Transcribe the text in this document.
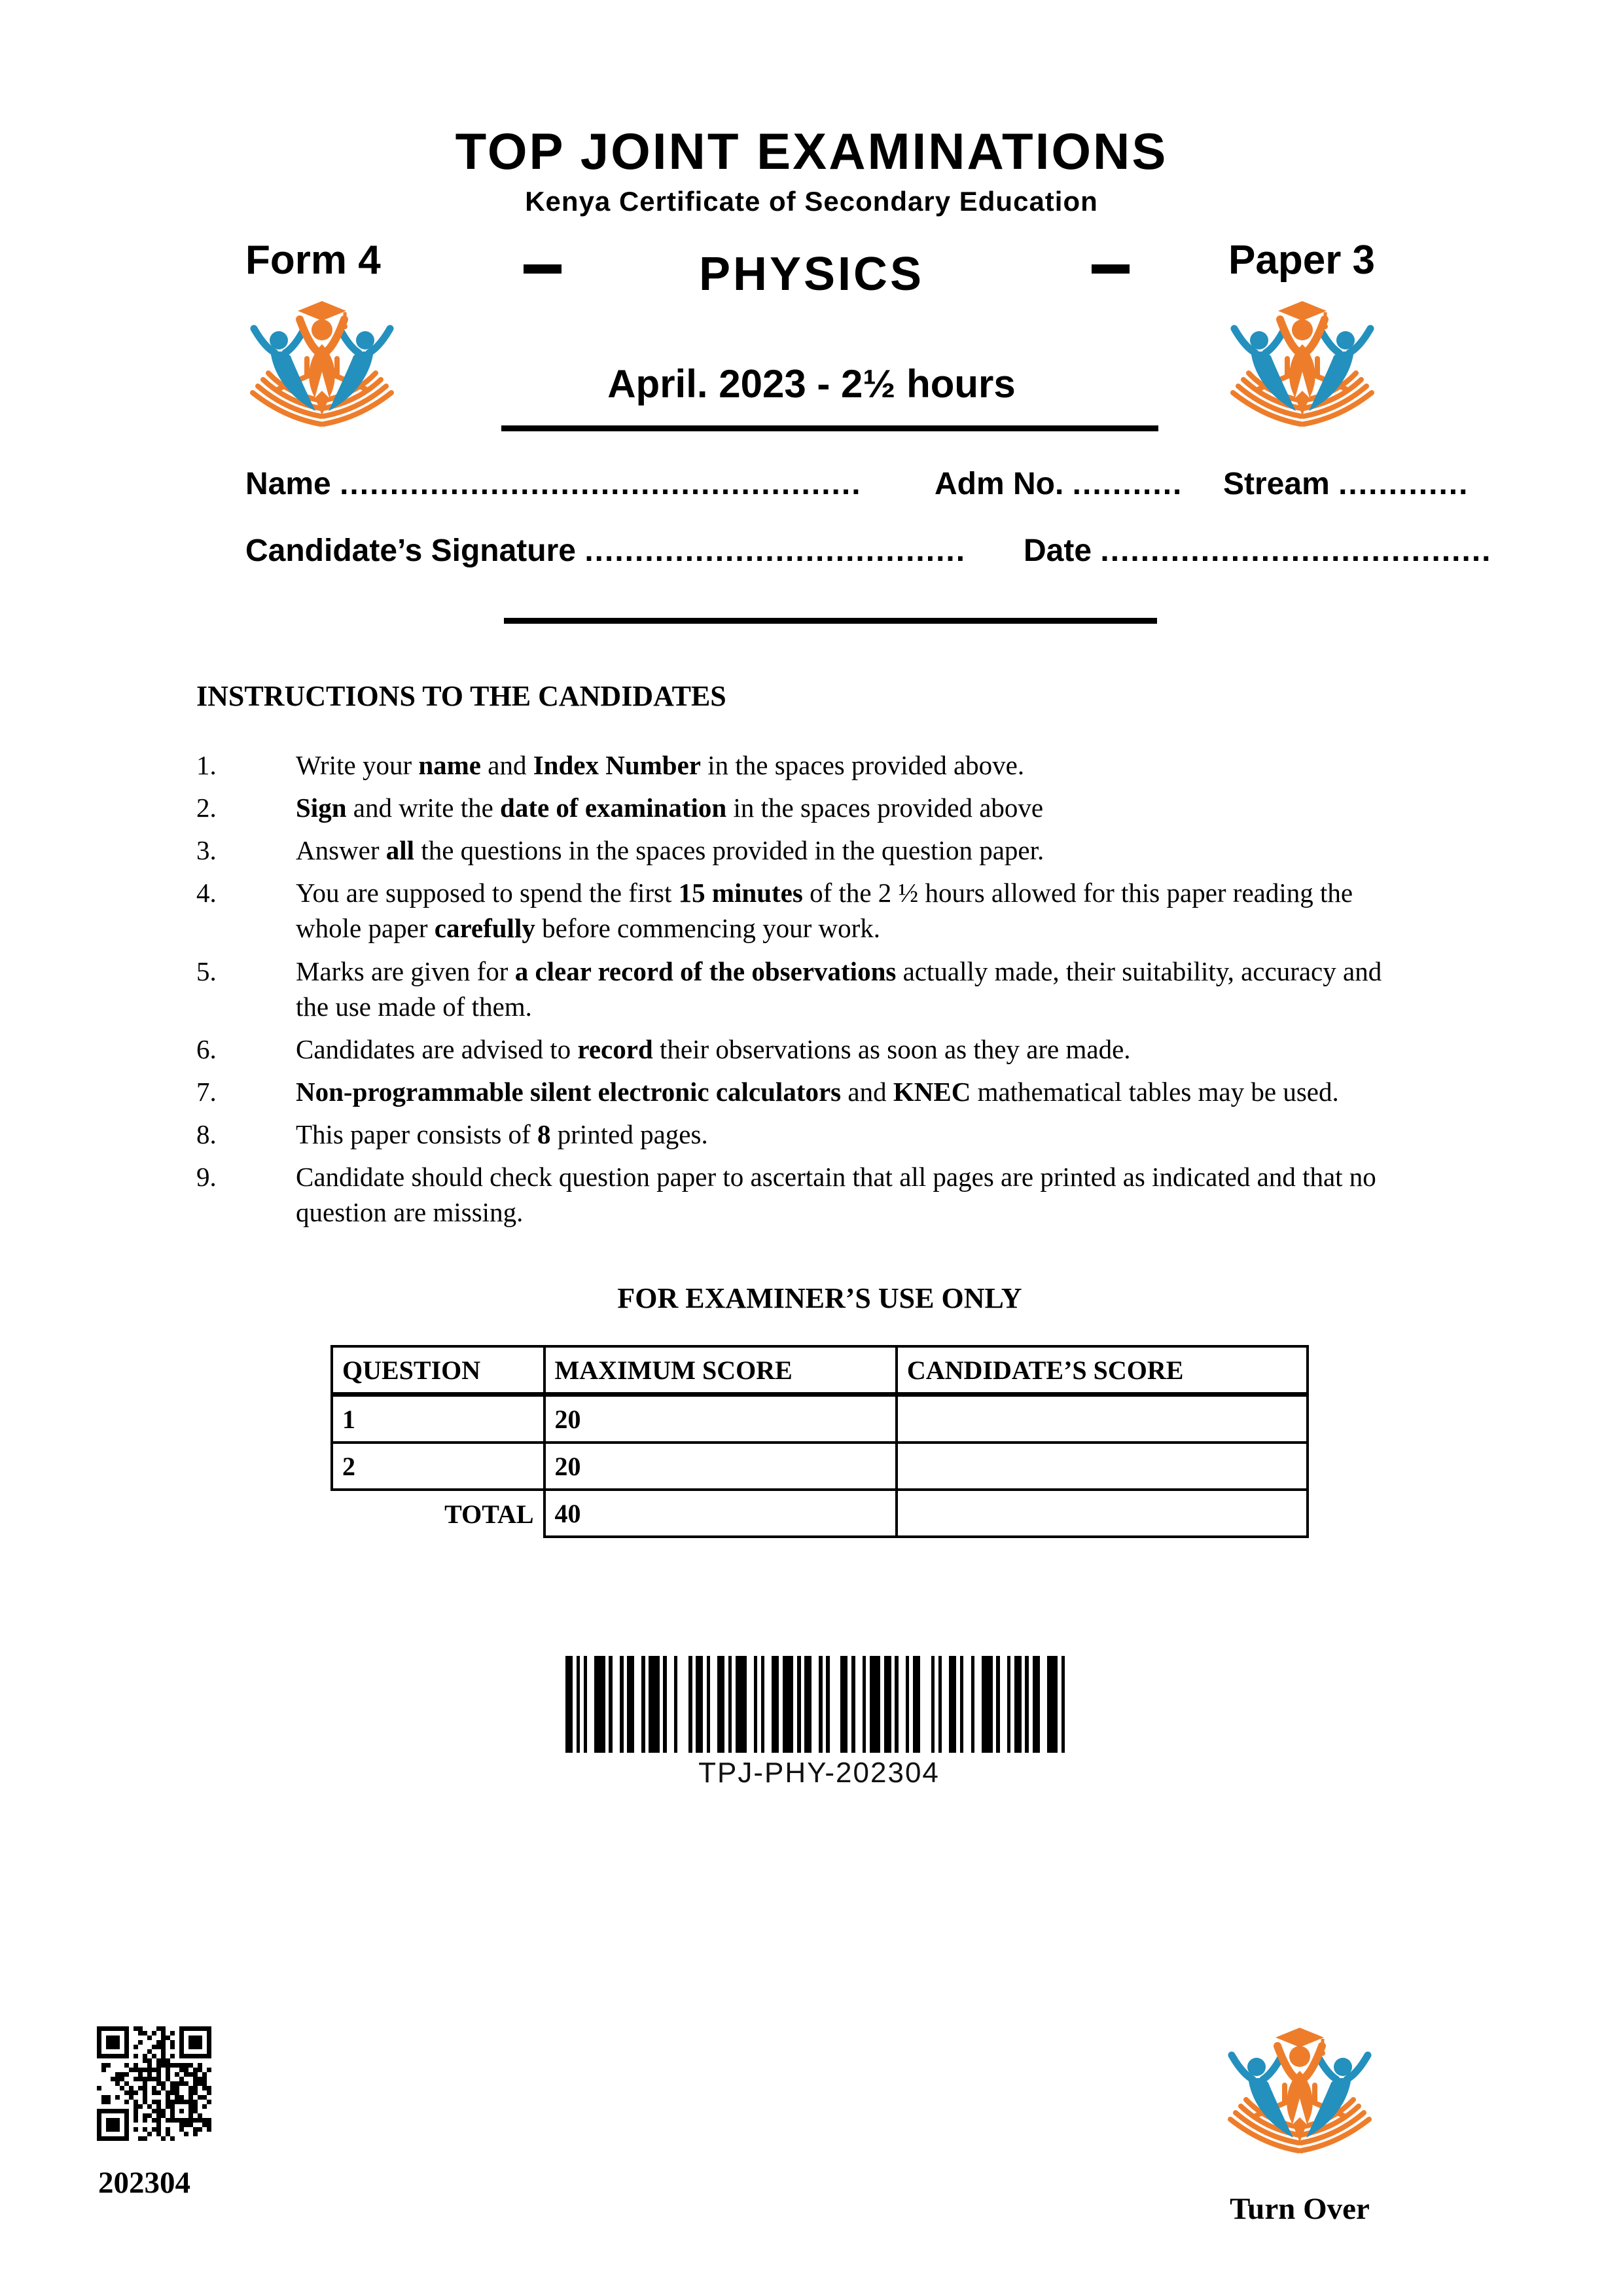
TOP JOINT EXAMINATIONS
Kenya Certificate of Secondary Education
Form 4	PHYSICS	Paper 3
April. 2023 - 2½ hours
Name .................................................... Adm No. ........... Stream .............
Candidate’s Signature ...................................... Date .......................................
INSTRUCTIONS TO THE CANDIDATES
1.	Write your name and Index Number in the spaces provided above.
2.	Sign and write the date of examination in the spaces provided above
3.	Answer all the questions in the spaces provided in the question paper.
4.	You are supposed to spend the first 15 minutes of the 2 ½ hours allowed for this paper reading the whole paper carefully before commencing your work.
5.	Marks are given for a clear record of the observations actually made, their suitability, accuracy and the use made of them.
6.	Candidates are advised to record their observations as soon as they are made.
7.	Non-programmable silent electronic calculators and KNEC mathematical tables may be used.
8.	This paper consists of 8 printed pages.
9.	Candidate should check question paper to ascertain that all pages are printed as indicated and that no question are missing.
FOR EXAMINER’S USE ONLY
QUESTION	MAXIMUM SCORE	CANDIDATE’S SCORE
1	20	
2	20	
TOTAL	40	
TPJ-PHY-202304
202304
Turn Over
